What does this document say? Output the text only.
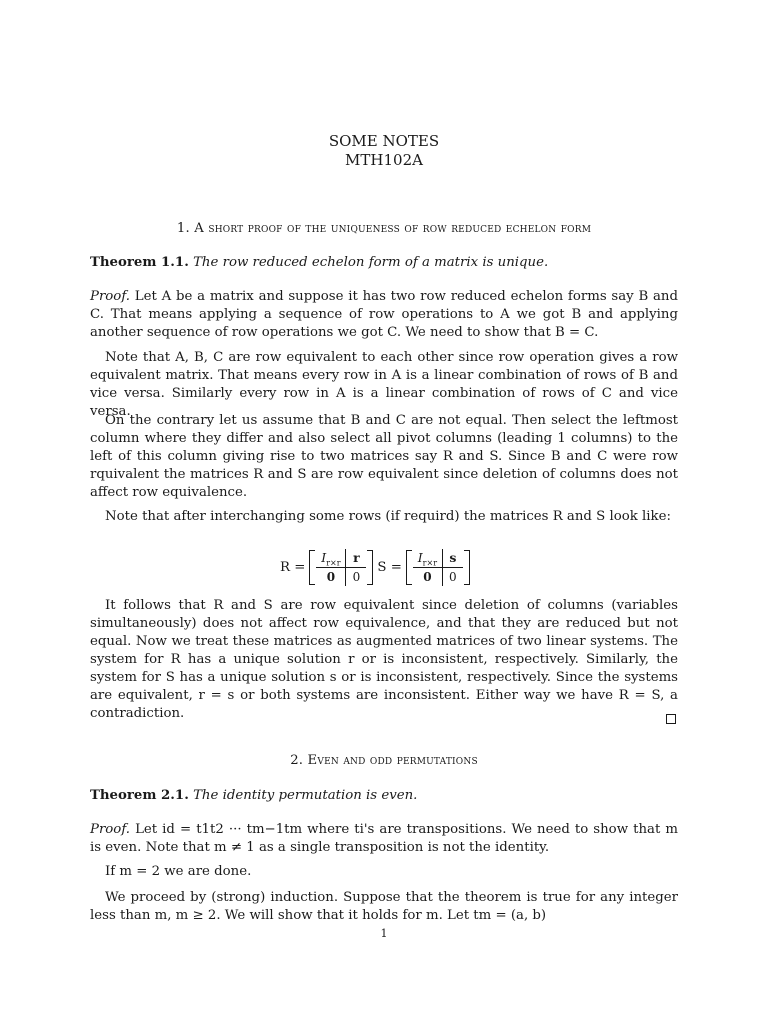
SOME NOTES
MTH102A
1. A short proof of the uniqueness of row reduced echelon form
Theorem 1.1. The row reduced echelon form of a matrix is unique.
Proof. Let A be a matrix and suppose it has two row reduced echelon forms say B and C. That means applying a sequence of row operations to A we got B and applying another sequence of row operations we got C. We need to show that B = C.
Note that A, B, C are row equivalent to each other since row operation gives a row equivalent matrix. That means every row in A is a linear combination of rows of B and vice versa. Similarly every row in A is a linear combination of rows of C and vice versa.
On the contrary let us assume that B and C are not equal. Then select the leftmost column where they differ and also select all pivot columns (leading 1 columns) to the left of this column giving rise to two matrices say R and S. Since B and C were row rquivalent the matrices R and S are row equivalent since deletion of columns does not affect row equivalence.
Note that after interchanging some rows (if requird) the matrices R and S look like:
R =
$I_{r\times r}$	r
0	0
S =
$I_{r\times r}$ s
0	0
It follows that R and S are row equivalent since deletion of columns (variables simultaneously) does not affect row equivalence, and that they are reduced but not equal. Now we treat these matrices as augmented matrices of two linear systems. The system for R has a unique solution r or is inconsistent, respectively. Similarly, the system for S has a unique solution s or is inconsistent, respectively. Since the systems are equivalent, r = s or both systems are inconsistent. Either way we have R = S, a contradiction.
2. Even and odd permutations
Theorem 2.1. The identity permutation is even.
Proof. Let id = t1t2 ··· tm−1tm where ti's are transpositions. We need to show that m is even. Note that m ≠ 1 as a single transposition is not the identity.
If m = 2 we are done.
We proceed by (strong) induction. Suppose that the theorem is true for any integer less than m, m ≥ 2. We will show that it holds for m. Let tm = (a, b)
1
